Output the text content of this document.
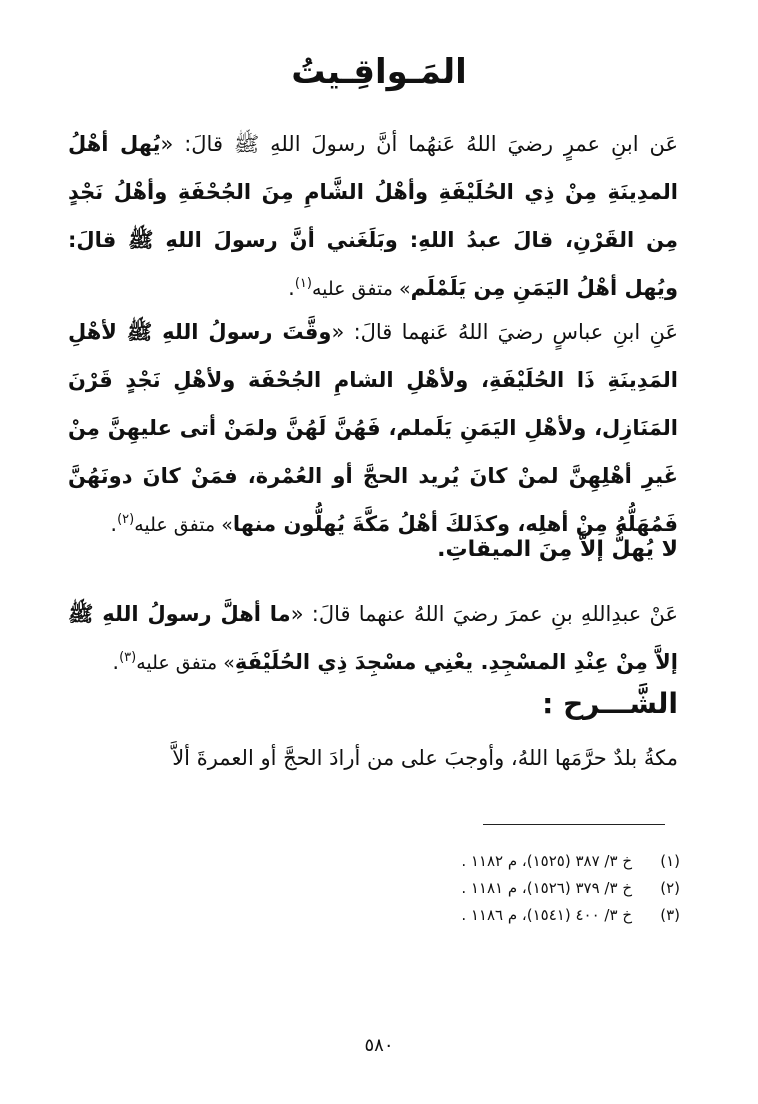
المَـواقِـيتُ
عَن ابنِ عمرٍ رضيَ اللهُ عَنهُما أنَّ رسولَ اللهِ ﷺ قالَ: «يُهل أهْلُ المدِينَةِ مِنْ ذِي الحُلَيْفَةِ وأهْلُ الشَّامِ مِنَ الجُحْفَةِ وأهْلُ نَجْدٍ مِن القَرْنِ، قالَ عبدُ اللهِ: وبَلَغَني أنَّ رسولَ اللهِ ﷺ قالَ: ويُهل أهْلُ اليَمَنِ مِن يَلَمْلَم» متفق عليه$^{(١)}$.
عَنِ ابنِ عباسٍ رضيَ اللهُ عَنهما قالَ: «وقَّتَ رسولُ اللهِ ﷺ لأهْلِ المَدِينَةِ ذَا الحُلَيْفَةِ، ولأهْلِ الشامِ الجُحْفَة ولأهْلِ نَجْدٍ قَرْنَ المَنَازِل، ولأهْلِ اليَمَنِ يَلَملم، فَهُنَّ لَهُنَّ ولمَنْ أتى عليهِنَّ مِنْ غَيرِ أهْلِهِنَّ لمنْ كانَ يُريد الحجَّ أو العُمْرة، فمَنْ كانَ دونَهُنَّ فَمُهَلُّهُ مِنْ أهلِه، وكذَلكَ أهْلُ مَكَّةَ يُهلُّون منها» متفق عليه$^{(٢)}$.
لا يُهلُّ إلاَّ مِنَ الميقاتِ.
عَنْ عبدِاللهِ بنِ عمرَ رضيَ اللهُ عنهما قالَ: «ما أهلَّ رسولُ اللهِ ﷺ إلاَّ مِنْ عِنْدِ المسْجِدِ. يعْنِي مسْجِدَ ذِي الحُلَيْفَةِ» متفق عليه$^{(٣)}$.
الشَّـــرح :
مكةُ بلدٌ حرَّمَها اللهُ، وأوجبَ على من أرادَ الحجَّ أو العمرةَ ألاَّ
(١)
خ ٣/ ٣٨٧ (١٥٢٥)، م ١١٨٢ .
(٢)
خ ٣/ ٣٧٩ (١٥٢٦)، م ١١٨١ .
(٣)
خ ٣/ ٤٠٠ (١٥٤١)، م ١١٨٦ .
٥٨٠
